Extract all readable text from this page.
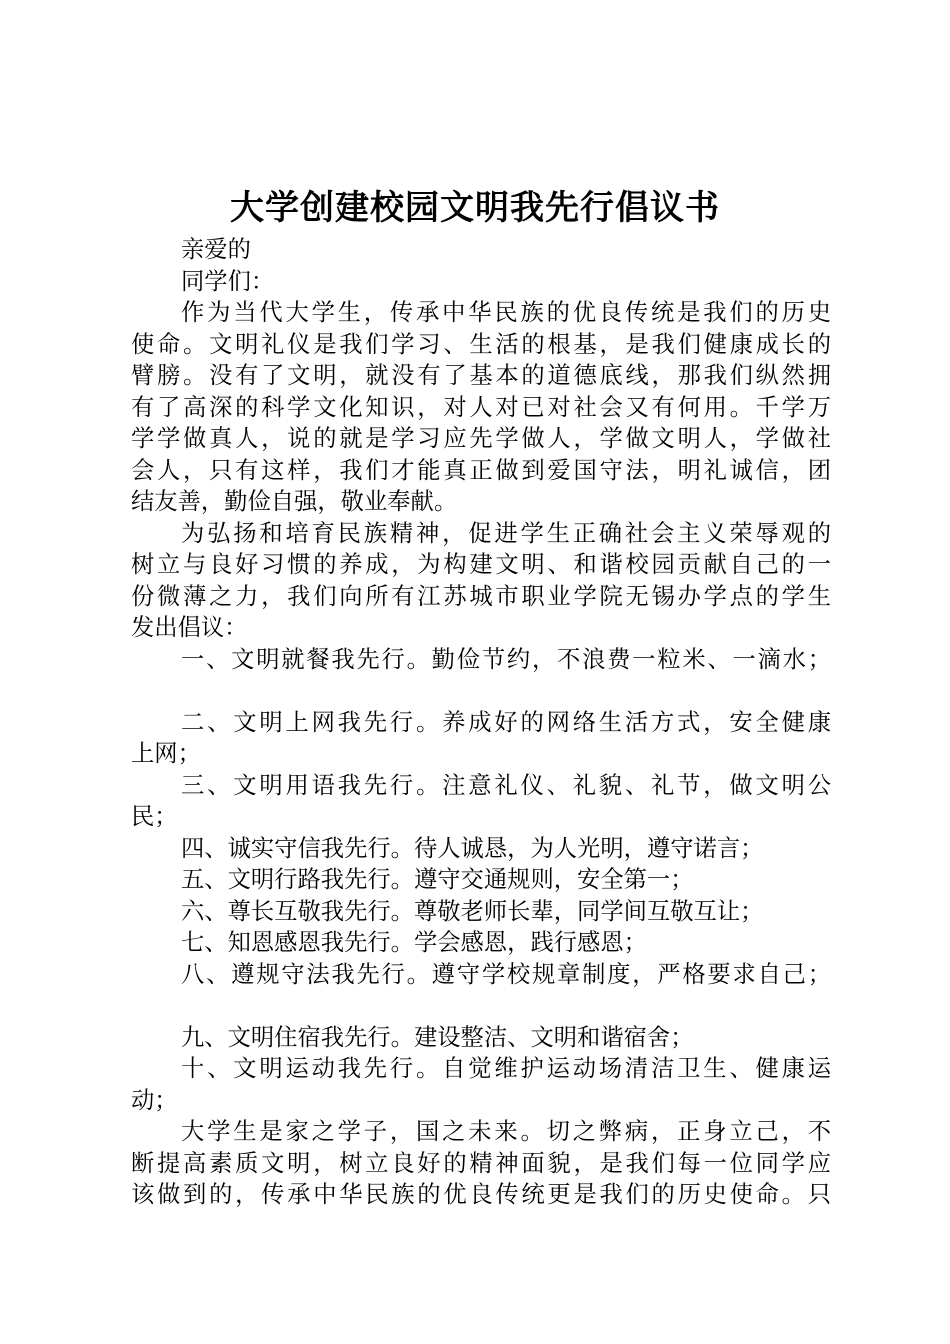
大学创建校园文明我先行倡议书
亲爱的
同学们：
作为当代大学生，传承中华民族的优良传统是我们的历史
使命。文明礼仪是我们学习、生活的根基，是我们健康成长的
臂膀。没有了文明，就没有了基本的道德底线，那我们纵然拥
有了高深的科学文化知识，对人对已对社会又有何用。千学万
学学做真人，说的就是学习应先学做人，学做文明人，学做社
会人，只有这样，我们才能真正做到爱国守法，明礼诚信，团
结友善，勤俭自强，敬业奉献。
为弘扬和培育民族精神，促进学生正确社会主义荣辱观的
树立与良好习惯的养成，为构建文明、和谐校园贡献自己的一
份微薄之力，我们向所有江苏城市职业学院无锡办学点的学生
发出倡议：
一、文明就餐我先行。勤俭节约，不浪费一粒米、一滴水；
二、文明上网我先行。养成好的网络生活方式，安全健康
上网；
三、文明用语我先行。注意礼仪、礼貌、礼节，做文明公
民；
四、诚实守信我先行。待人诚恳，为人光明，遵守诺言；
五、文明行路我先行。遵守交通规则，安全第一；
六、尊长互敬我先行。尊敬老师长辈，同学间互敬互让；
七、知恩感恩我先行。学会感恩，践行感恩；
八、遵规守法我先行。遵守学校规章制度，严格要求自己；
九、文明住宿我先行。建设整洁、文明和谐宿舍；
十、文明运动我先行。自觉维护运动场清洁卫生、健康运
动；
大学生是家之学子，国之未来。切之弊病，正身立己，不
断提高素质文明，树立良好的精神面貌，是我们每一位同学应
该做到的，传承中华民族的优良传统更是我们的历史使命。只
